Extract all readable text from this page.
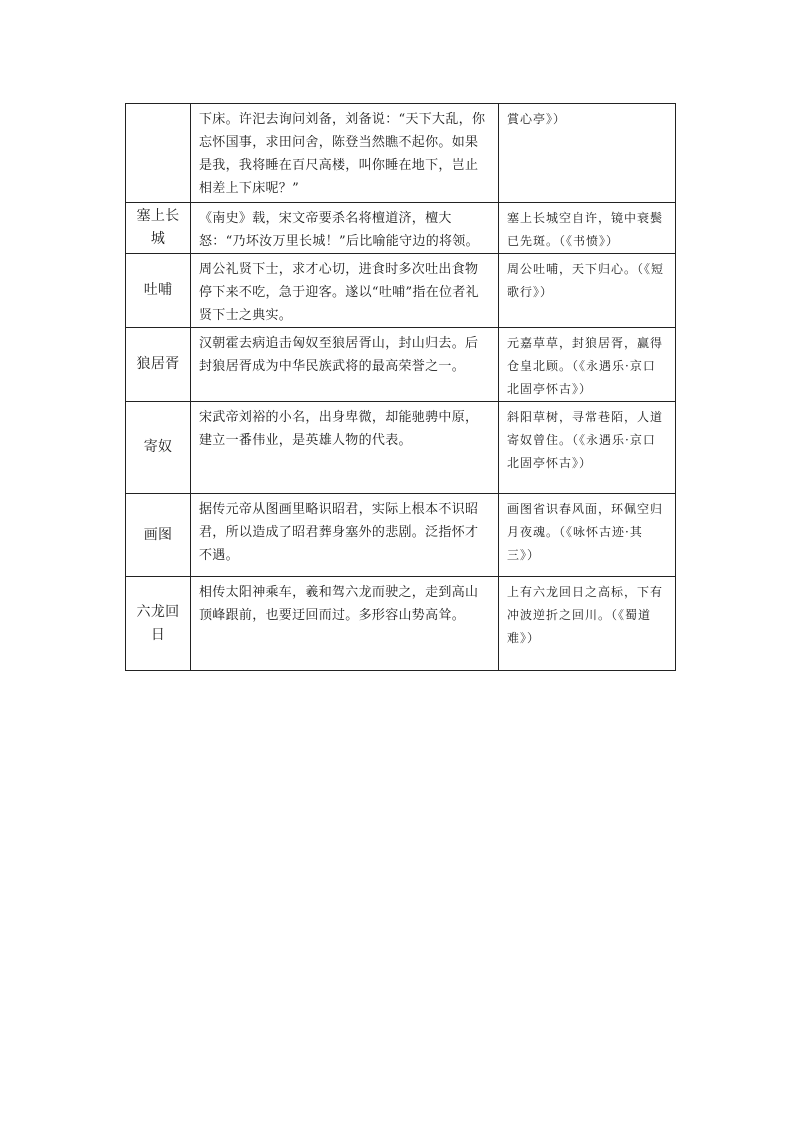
	下床。许汜去询问刘备，刘备说：“天下大乱，你忘怀国事，求田问舍，陈登当然瞧不起你。如果是我，我将睡在百尺高楼，叫你睡在地下，岂止相差上下床呢？”	賞心亭》）
塞上长城	《南史》载，宋文帝要杀名将檀道济，檀大怒：“乃坏汝万里长城！”后比喻能守边的将领。	塞上长城空自许，镜中衰鬓已先斑。（《书愤》）
吐哺	周公礼贤下士，求才心切，进食时多次吐出食物停下来不吃，急于迎客。遂以“吐哺”指在位者礼贤下士之典实。	周公吐哺，天下归心。（《短歌行》）
狼居胥	汉朝霍去病追击匈奴至狼居胥山，封山归去。后封狼居胥成为中华民族武将的最高荣誉之一。	元嘉草草，封狼居胥，赢得仓皇北顾。（《永遇乐·京口北固亭怀古》）
寄奴	宋武帝刘裕的小名，出身卑微，却能驰骋中原，建立一番伟业，是英雄人物的代表。	斜阳草树，寻常巷陌，人道寄奴曾住。（《永遇乐·京口北固亭怀古》）
画图	据传元帝从图画里略识昭君，实际上根本不识昭君，所以造成了昭君葬身塞外的悲剧。泛指怀才不遇。	画图省识春风面，环佩空归月夜魂。（《咏怀古迹·其三》）
六龙回日	相传太阳神乘车，羲和驾六龙而驶之，走到高山顶峰跟前，也要迂回而过。多形容山势高耸。	上有六龙回日之高标，下有冲波逆折之回川。（《蜀道难》）
